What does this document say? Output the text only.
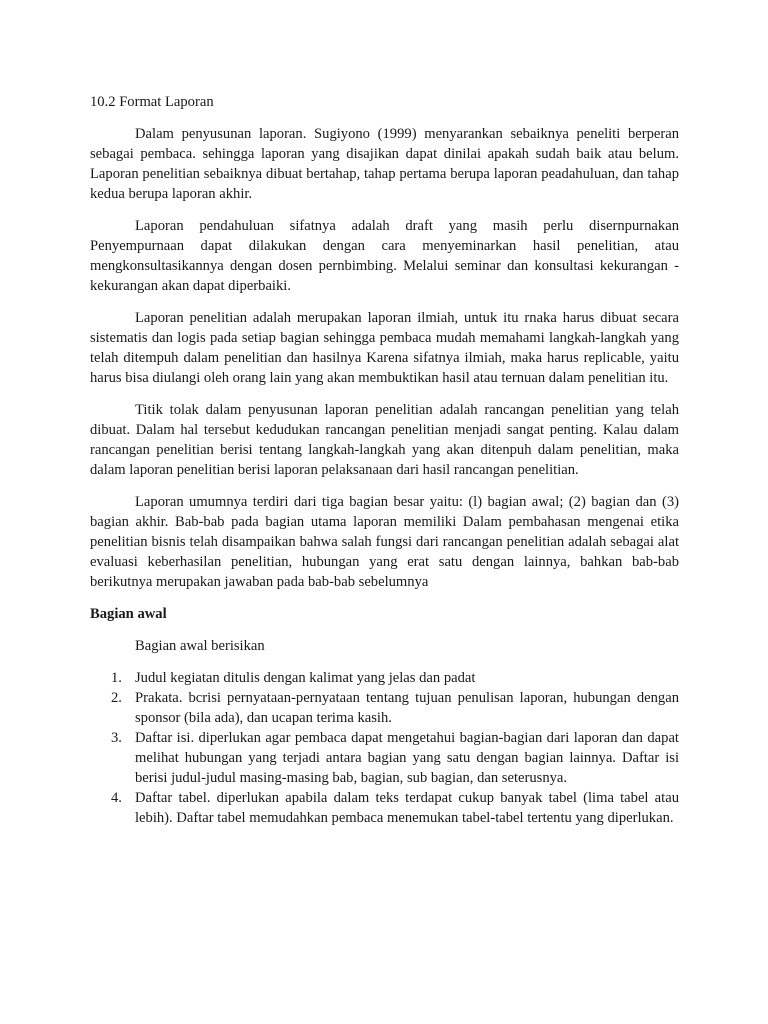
10.2 Format Laporan

Dalam penyusunan laporan. Sugiyono (1999) menyarankan sebaiknya peneliti berperan sebagai pembaca. sehingga laporan yang disajikan dapat dinilai apakah sudah baik atau belum. Laporan penelitian sebaiknya dibuat bertahap, tahap pertama berupa laporan peadahuluan, dan tahap kedua berupa laporan akhir.

Laporan pendahuluan sifatnya adalah draft yang masih perlu disernpurnakan Penyempurnaan dapat dilakukan dengan cara menyeminarkan hasil penelitian, atau mengkonsultasikannya dengan dosen pernbimbing. Melalui seminar dan konsultasi kekurangan - kekurangan akan dapat diperbaiki.

Laporan penelitian adalah merupakan laporan ilmiah, untuk itu rnaka harus dibuat secara sistematis dan logis pada setiap bagian sehingga pembaca mudah memahami langkah-langkah yang telah ditempuh dalam penelitian dan hasilnya Karena sifatnya ilmiah, maka harus replicable, yaitu harus bisa diulangi oleh orang lain yang akan membuktikan hasil atau ternuan dalam penelitian itu.

Titik tolak dalam penyusunan laporan penelitian adalah rancangan penelitian yang telah dibuat. Dalam hal tersebut kedudukan rancangan penelitian menjadi sangat penting. Kalau dalam rancangan penelitian berisi tentang langkah-langkah yang akan ditenpuh dalam penelitian, maka dalam laporan penelitian berisi laporan pelaksanaan dari hasil rancangan penelitian.

Laporan umumnya terdiri dari tiga bagian besar yaitu: (l) bagian awal; (2) bagian dan (3) bagian akhir. Bab-bab pada bagian utama laporan memiliki Dalam pembahasan mengenai etika penelitian bisnis telah disampaikan bahwa salah fungsi dari rancangan penelitian adalah sebagai alat evaluasi keberhasilan penelitian, hubungan yang erat satu dengan lainnya, bahkan bab-bab berikutnya merupakan jawaban pada bab-bab sebelumnya

Bagian awal

Bagian awal berisikan

1. Judul kegiatan ditulis dengan kalimat yang jelas dan padat
2. Prakata. bcrisi pernyataan-pernyataan tentang tujuan penulisan laporan, hubungan dengan sponsor (bila ada), dan ucapan terima kasih.
3. Daftar isi. diperlukan agar pembaca dapat mengetahui bagian-bagian dari laporan dan dapat melihat hubungan yang terjadi antara bagian yang satu dengan bagian lainnya. Daftar isi berisi judul-judul masing-masing bab, bagian, sub bagian, dan seterusnya.
4. Daftar tabel. diperlukan apabila dalam teks terdapat cukup banyak tabel (lima tabel atau lebih). Daftar tabel memudahkan pembaca menemukan tabel-tabel tertentu yang diperlukan.
